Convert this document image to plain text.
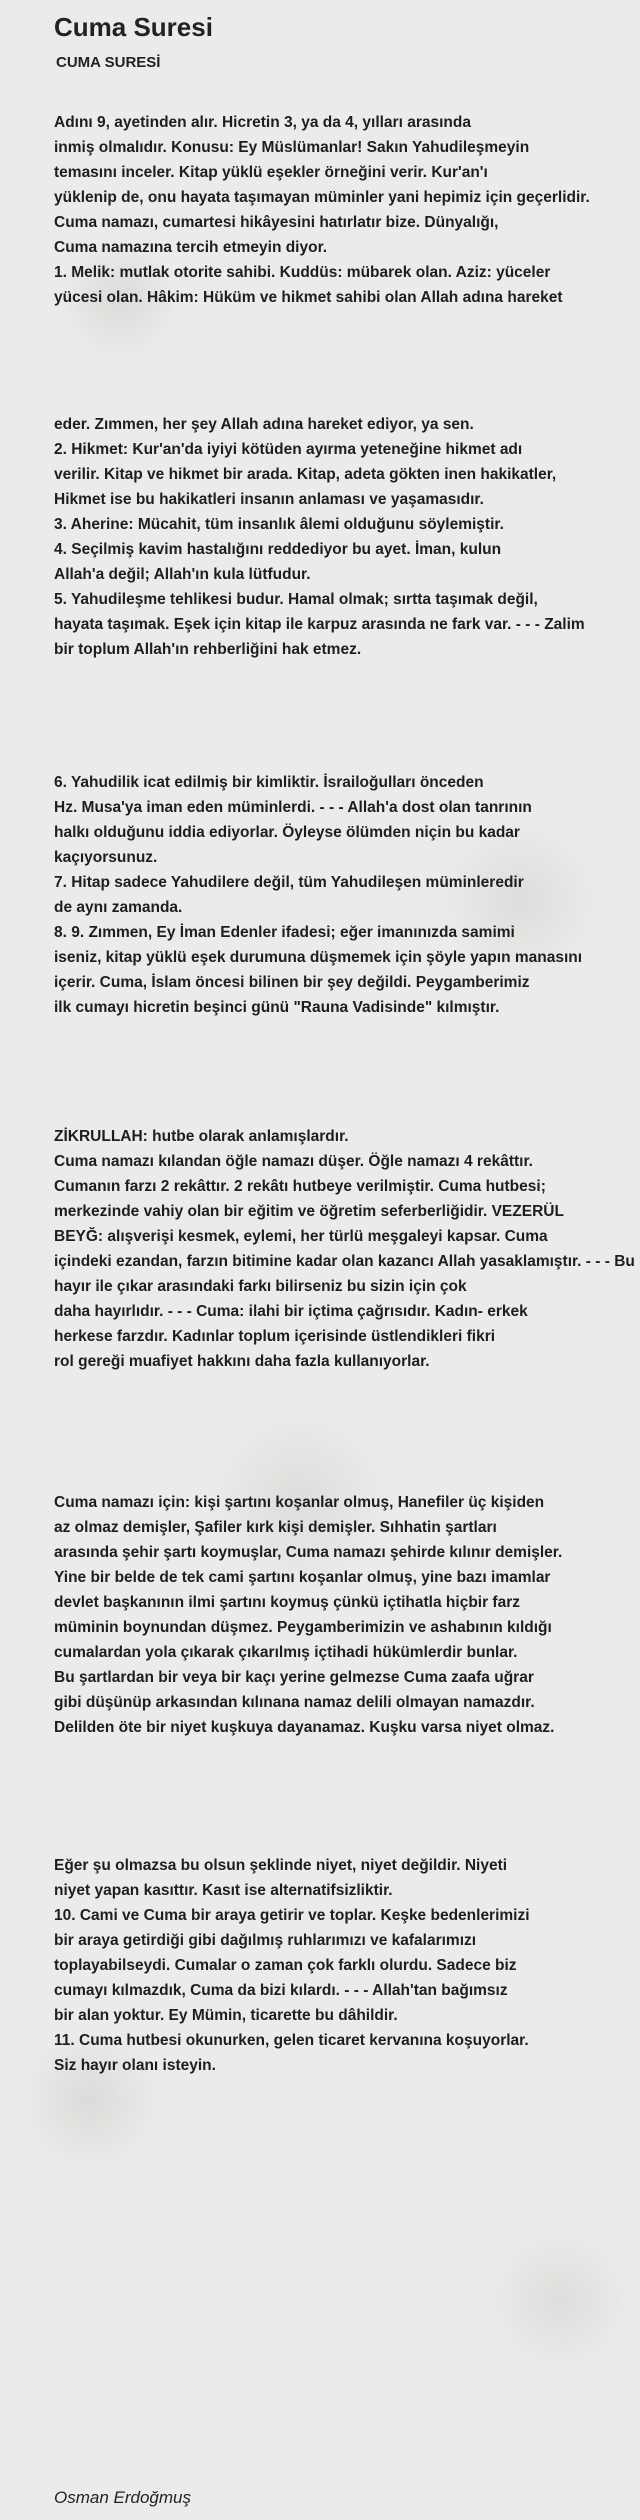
Cuma Suresi
CUMA SURESİ
Adını 9, ayetinden alır. Hicretin 3, ya da 4, yılları arasında
inmiş olmalıdır. Konusu: Ey Müslümanlar! Sakın Yahudileşmeyin
temasını inceler. Kitap yüklü eşekler örneğini verir. Kur'an'ı
yüklenip de, onu hayata taşımayan müminler yani hepimiz için geçerlidir.
Cuma namazı, cumartesi hikâyesini hatırlatır bize. Dünyalığı,
Cuma namazına tercih etmeyin diyor.
1. Melik: mutlak otorite sahibi. Kuddüs: mübarek olan. Aziz: yüceler
yücesi olan. Hâkim: Hüküm ve hikmet sahibi olan Allah adına hareket
eder. Zımmen, her şey Allah adına hareket ediyor, ya sen.
2. Hikmet: Kur'an'da iyiyi kötüden ayırma yeteneğine hikmet adı
verilir. Kitap ve hikmet bir arada. Kitap, adeta gökten inen hakikatler,
Hikmet ise bu hakikatleri insanın anlaması ve yaşamasıdır.
3. Aherine: Mücahit, tüm insanlık âlemi olduğunu söylemiştir.
4. Seçilmiş kavim hastalığını reddediyor bu ayet. İman, kulun
Allah'a değil; Allah'ın kula lütfudur.
5. Yahudileşme tehlikesi budur. Hamal olmak; sırtta taşımak değil,
hayata taşımak. Eşek için kitap ile karpuz arasında ne fark var. - - - Zalim
bir toplum Allah'ın rehberliğini hak etmez.
6. Yahudilik icat edilmiş bir kimliktir. İsrailoğulları önceden
Hz. Musa'ya iman eden müminlerdi. - - - Allah'a dost olan tanrının
halkı olduğunu iddia ediyorlar. Öyleyse ölümden niçin bu kadar
kaçıyorsunuz.
7. Hitap sadece Yahudilere değil, tüm Yahudileşen müminleredir
de aynı zamanda.
8. 9. Zımmen, Ey İman Edenler ifadesi; eğer imanınızda samimi
iseniz, kitap yüklü eşek durumuna düşmemek için şöyle yapın manasını
içerir. Cuma, İslam öncesi bilinen bir şey değildi. Peygamberimiz
ilk cumayı hicretin beşinci günü "Rauna Vadisinde" kılmıştır.
ZİKRULLAH: hutbe olarak anlamışlardır.
Cuma namazı kılandan öğle namazı düşer. Öğle namazı 4 rekâttır.
Cumanın farzı 2 rekâttır. 2 rekâtı hutbeye verilmiştir. Cuma hutbesi;
merkezinde vahiy olan bir eğitim ve öğretim seferberliğidir. VEZERÜL
BEYĞ: alışverişi kesmek, eylemi, her türlü meşgaleyi kapsar. Cuma
içindeki ezandan, farzın bitimine kadar olan kazancı Allah yasaklamıştır. - - - Bu
hayır ile çıkar arasındaki farkı bilirseniz bu sizin için çok
daha hayırlıdır. - - - Cuma: ilahi bir içtima çağrısıdır. Kadın- erkek
herkese farzdır. Kadınlar toplum içerisinde üstlendikleri fikri
rol gereği muafiyet hakkını daha fazla kullanıyorlar.
Cuma namazı için: kişi şartını koşanlar olmuş, Hanefiler üç kişiden
az olmaz demişler, Şafiler kırk kişi demişler. Sıhhatin şartları
arasında şehir şartı koymuşlar, Cuma namazı şehirde kılınır demişler.
Yine bir belde de tek cami şartını koşanlar olmuş, yine bazı imamlar
devlet başkanının ilmi şartını koymuş çünkü içtihatla hiçbir farz
müminin boynundan düşmez. Peygamberimizin ve ashabının kıldığı
cumalardan yola çıkarak çıkarılmış içtihadi hükümlerdir bunlar.
Bu şartlardan bir veya bir kaçı yerine gelmezse Cuma zaafa uğrar
gibi düşünüp arkasından kılınana namaz delili olmayan namazdır.
Delilden öte bir niyet kuşkuya dayanamaz. Kuşku varsa niyet olmaz.
Eğer şu olmazsa bu olsun şeklinde niyet, niyet değildir. Niyeti
niyet yapan kasıttır. Kasıt ise alternatifsizliktir.
10. Cami ve Cuma bir araya getirir ve toplar. Keşke bedenlerimizi
bir araya getirdiği gibi dağılmış ruhlarımızı ve kafalarımızı
toplayabilseydi. Cumalar o zaman çok farklı olurdu. Sadece biz
cumayı kılmazdık, Cuma da bizi kılardı. - - - Allah'tan bağımsız
bir alan yoktur. Ey Mümin, ticarette bu dâhildir.
11. Cuma hutbesi okunurken, gelen ticaret kervanına koşuyorlar.
Siz hayır olanı isteyin.
Osman Erdoğmuş
